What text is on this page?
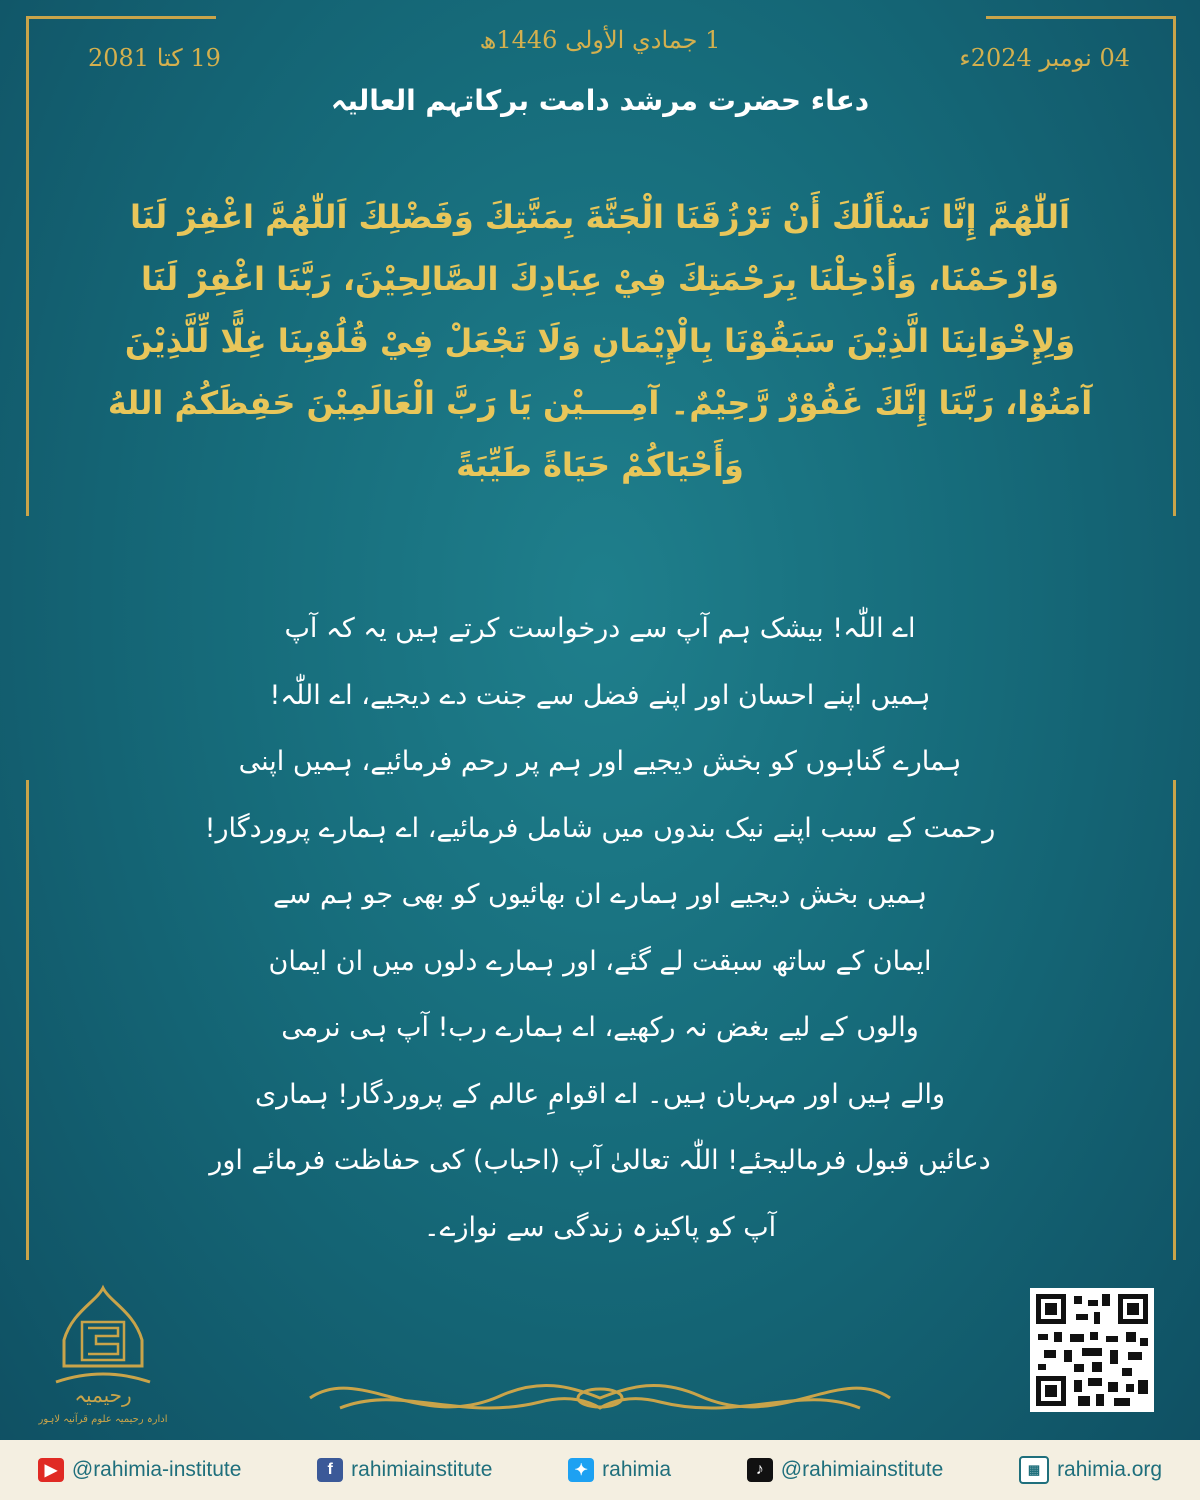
1 جمادي الأولى 1446ھ
04 نومبر 2024ء
19 کتا 2081
دعاء حضرت مرشد دامت برکاتہم العالیہ
اَللّٰهُمَّ إِنَّا نَسْأَلُكَ أَنْ تَرْزُقَنَا الْجَنَّةَ بِمَنَّتِكَ وَفَضْلِكَ اَللّٰهُمَّ اغْفِرْ لَنَا وَارْحَمْنَا، وَأَدْخِلْنَا بِرَحْمَتِكَ فِيْ عِبَادِكَ الصَّالِحِيْنَ، رَبَّنَا اغْفِرْ لَنَا وَلِإِخْوَانِنَا الَّذِيْنَ سَبَقُوْنَا بِالْإِيْمَانِ وَلَا تَجْعَلْ فِيْ قُلُوْبِنَا غِلًّا لِّلَّذِيْنَ آمَنُوْا، رَبَّنَا إِنَّكَ غَفُوْرٌ رَّحِيْمٌ۔ آمِــــيْن يَا رَبَّ الْعَالَمِيْنَ حَفِظَكُمُ اللهُ وَأَحْيَاكُمْ حَيَاةً طَيِّبَةً
اے اللّٰہ! بیشک ہم آپ سے درخواست کرتے ہیں یہ کہ آپ
ہمیں اپنے احسان اور اپنے فضل سے جنت دے دیجیے، اے اللّٰہ!
ہمارے گناہوں کو بخش دیجیے اور ہم پر رحم فرمائیے، ہمیں اپنی
رحمت کے سبب اپنے نیک بندوں میں شامل فرمائیے، اے ہمارے پروردگار!
ہمیں بخش دیجیے اور ہمارے ان بھائیوں کو بھی جو ہم سے
ایمان کے ساتھ سبقت لے گئے، اور ہمارے دلوں میں ان ایمان
والوں کے لیے بغض نہ رکھیے، اے ہمارے رب! آپ ہی نرمی
والے ہیں اور مہربان ہیں۔ اے اقوامِ عالم کے پروردگار! ہماری
دعائیں قبول فرمالیجئے! اللّٰہ تعالیٰ آپ (احباب) کی حفاظت فرمائے اور
آپ کو پاکیزہ زندگی سے نوازے۔
رحیمیہ
ادارہ رحیمیہ علوم قرآنیہ لاہور
▶ @rahimia-institute	f rahimiainstitute	✦ rahimia	♪ @rahimiainstitute	▦ rahimia.org
